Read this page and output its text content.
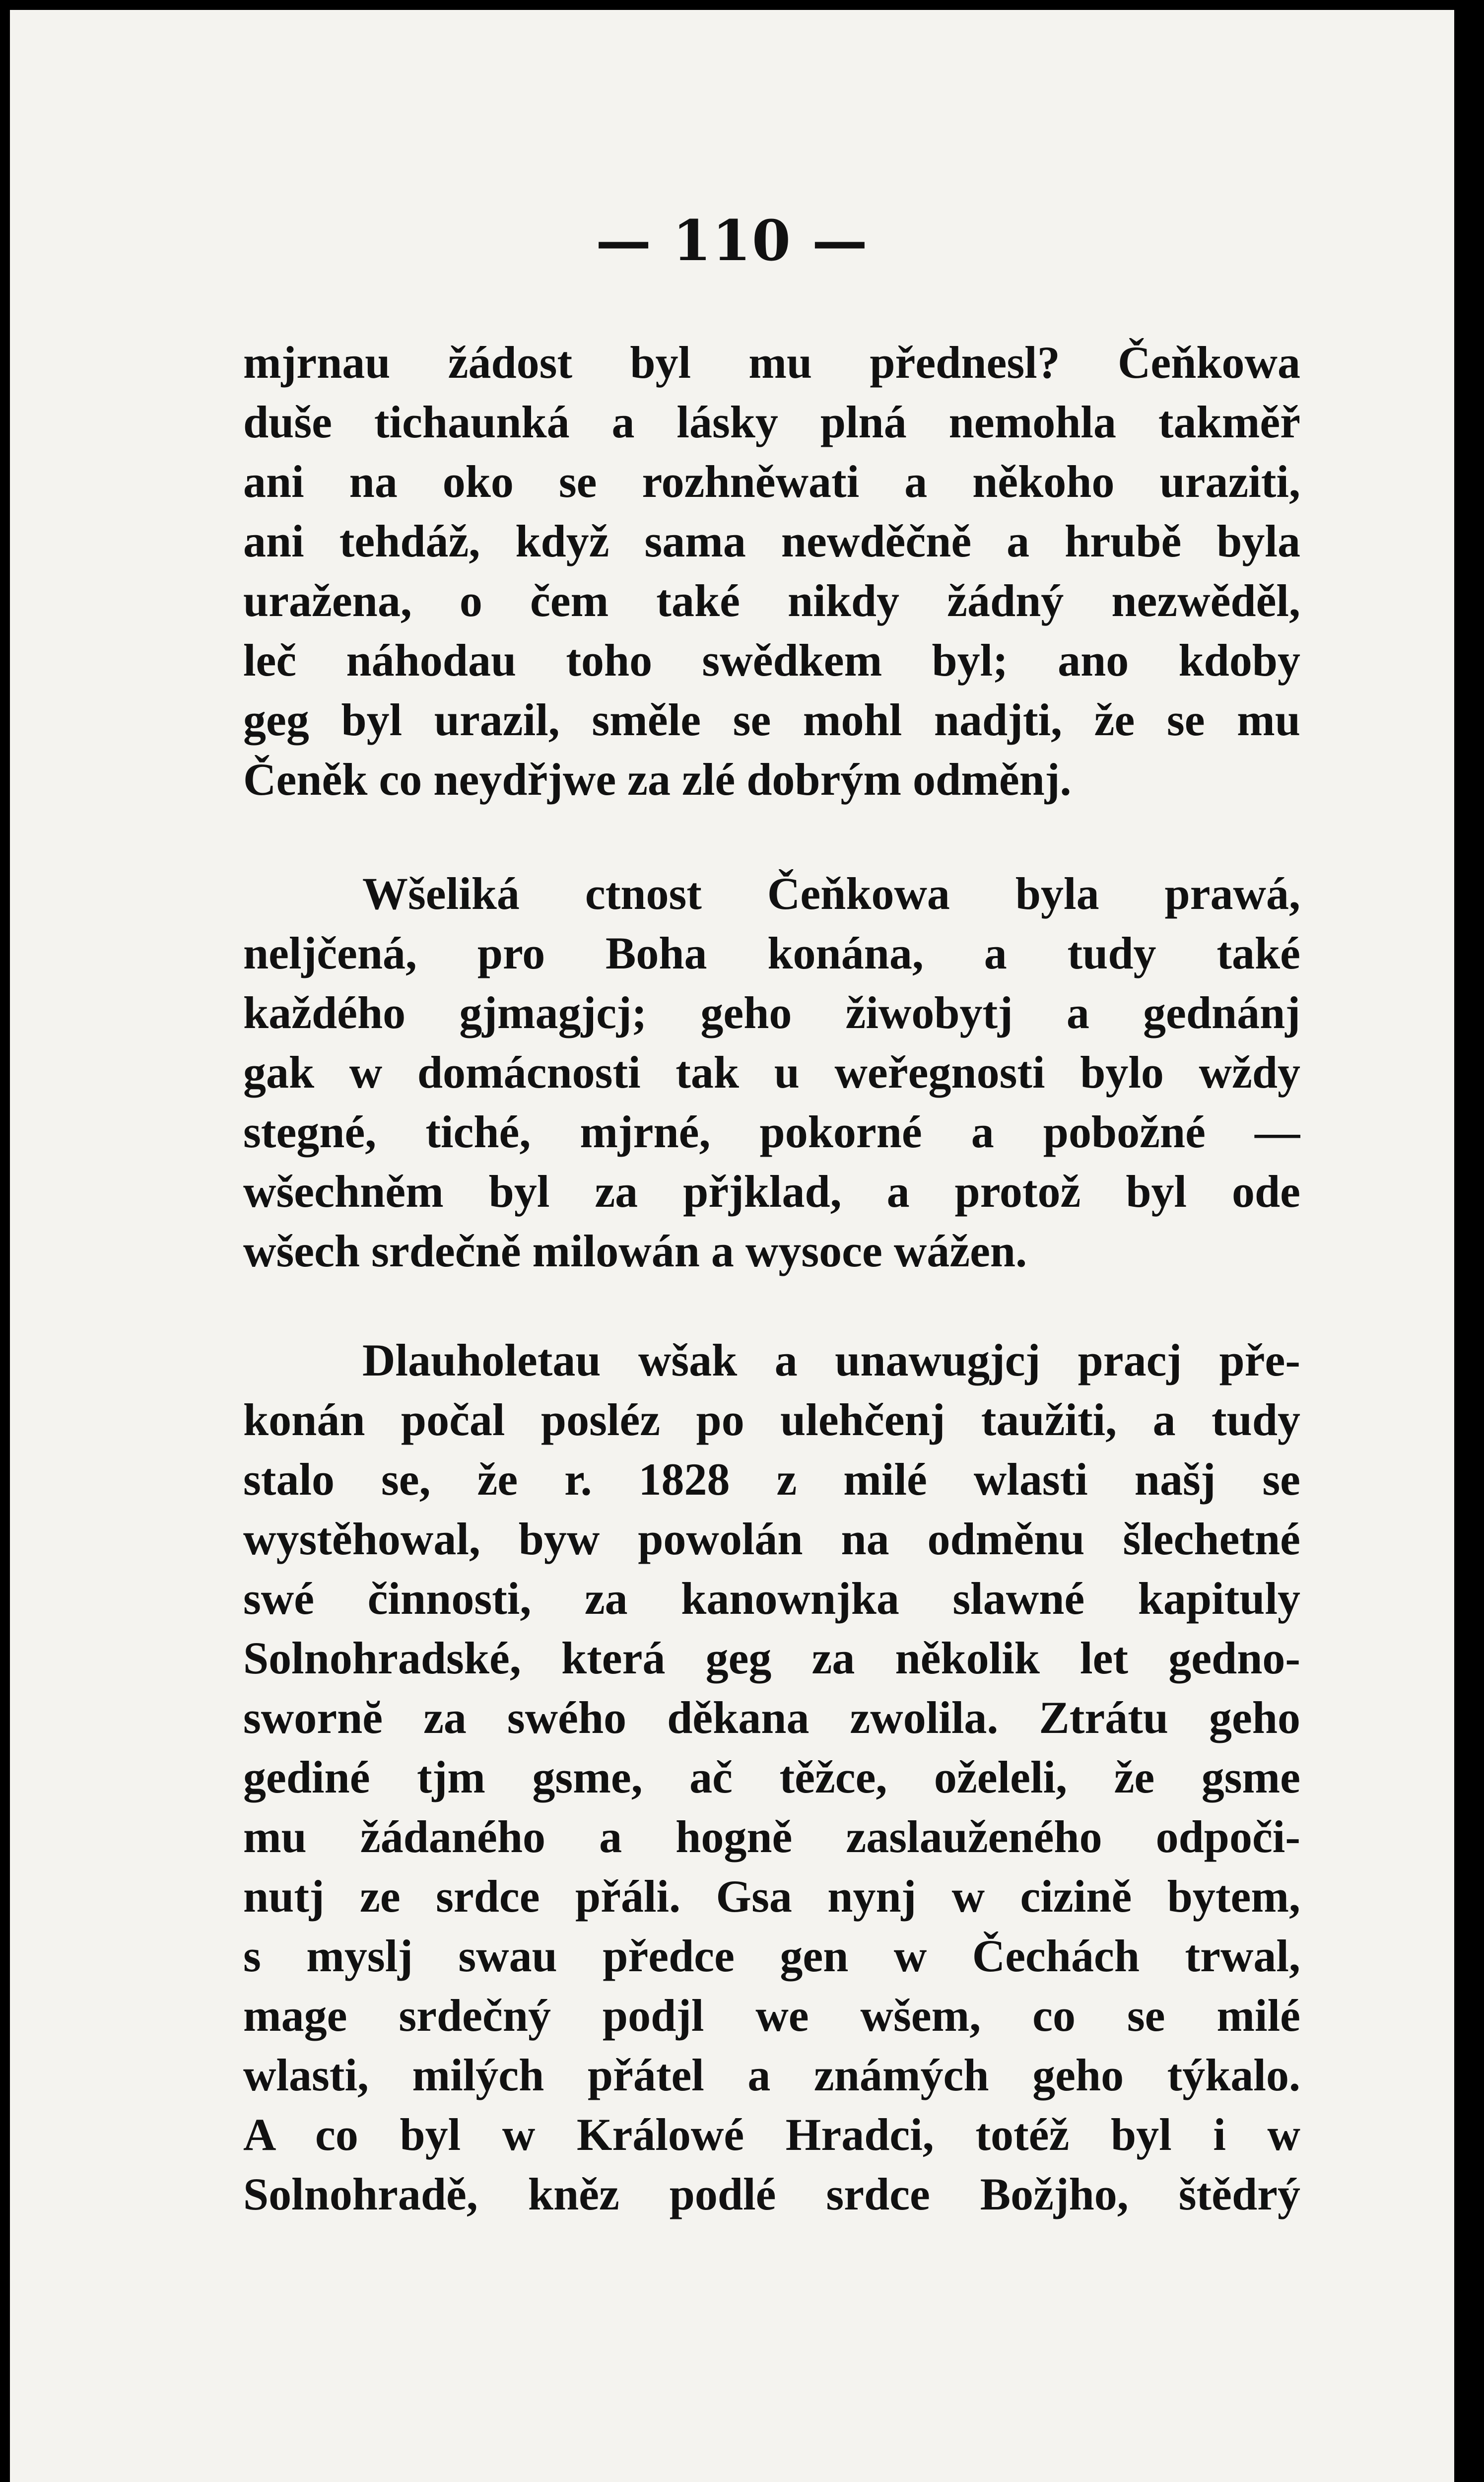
— 110 —
mjrnau žádost byl mu přednesl? Čeňkowa
duše tichaunká a lásky plná nemohla takměř
ani na oko se rozhněwati a někoho uraziti,
ani tehdáž, když sama newděčně a hrubě byla
uražena, o čem také nikdy žádný nezwěděl,
leč náhodau toho swědkem byl; ano kdoby
geg byl urazil, směle se mohl nadjti, že se mu
Čeněk co neydřjwe za zlé dobrým odměnj.
Wšeliká ctnost Čeňkowa byla prawá,
neljčená, pro Boha konána, a tudy také
každého gjmagjcj; geho žiwobytj a gednánj
gak w domácnosti tak u weřegnosti bylo wždy
stegné, tiché, mjrné, pokorné a pobožné —
wšechněm byl za přjklad, a protož byl ode
wšech srdečně milowán a wysoce wážen.
Dlauholetau wšak a unawugjcj pracj pře-
konán počal posléz po ulehčenj taužiti, a tudy
stalo se, že r. 1828 z milé wlasti našj se
wystěhowal, byw powolán na odměnu šlechetné
swé činnosti, za kanownjka slawné kapituly
Solnohradské, která geg za několik let gedno-
swornĕ za swého děkana zwolila. Ztrátu geho
gediné tjm gsme, ač těžce, oželeli, že gsme
mu žádaného a hogně zaslauženého odpoči-
nutj ze srdce přáli. Gsa nynj w cizině bytem,
s myslj swau předce gen w Čechách trwal,
mage srdečný podjl we wšem, co se milé
wlasti, milých přátel a známých geho týkalo.
A co byl w Králowé Hradci, totéž byl i w
Solnohradě, kněz podlé srdce Božjho, štědrý
